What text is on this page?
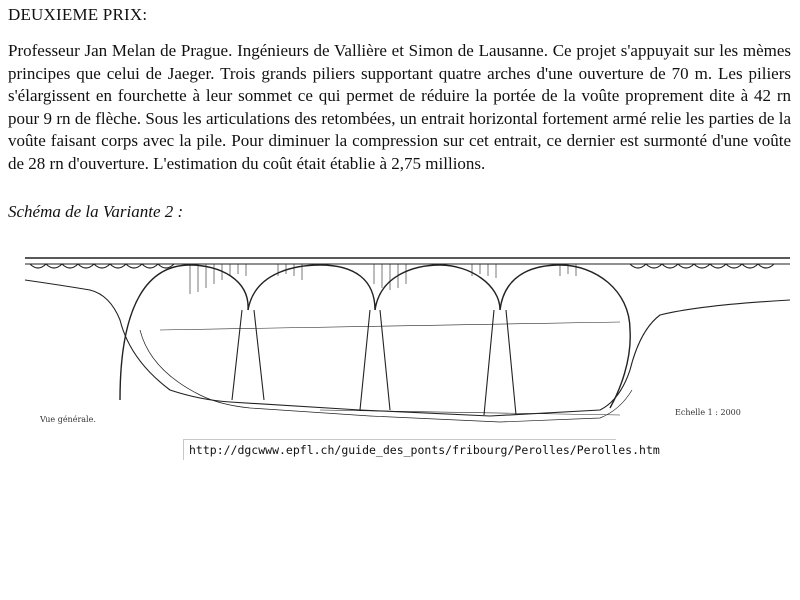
DEUXIEME PRIX:
Professeur Jan Melan de Prague. Ingénieurs de Vallière et Simon de Lausanne. Ce projet s'appuyait sur les mèmes principes que celui de Jaeger. Trois grands piliers supportant quatre arches d'une ouverture de 70 m. Les piliers s'élargissent en fourchette à leur sommet ce qui permet de réduire la portée de la voûte proprement dite à 42 rn pour 9 rn de flèche. Sous les articulations des retombées, un entrait horizontal fortement armé relie les parties de la voûte faisant corps avec la pile. Pour diminuer la compression sur cet entrait, ce dernier est surmonté d'une voûte de 28 rn d'ouverture. L'estimation du coût était établie à 2,75 millions.
Schéma de la Variante 2 :
Vue générale.
Echelle 1 : 2000
http://dgcwww.epfl.ch/guide_des_ponts/fribourg/Perolles/Perolles.htm
